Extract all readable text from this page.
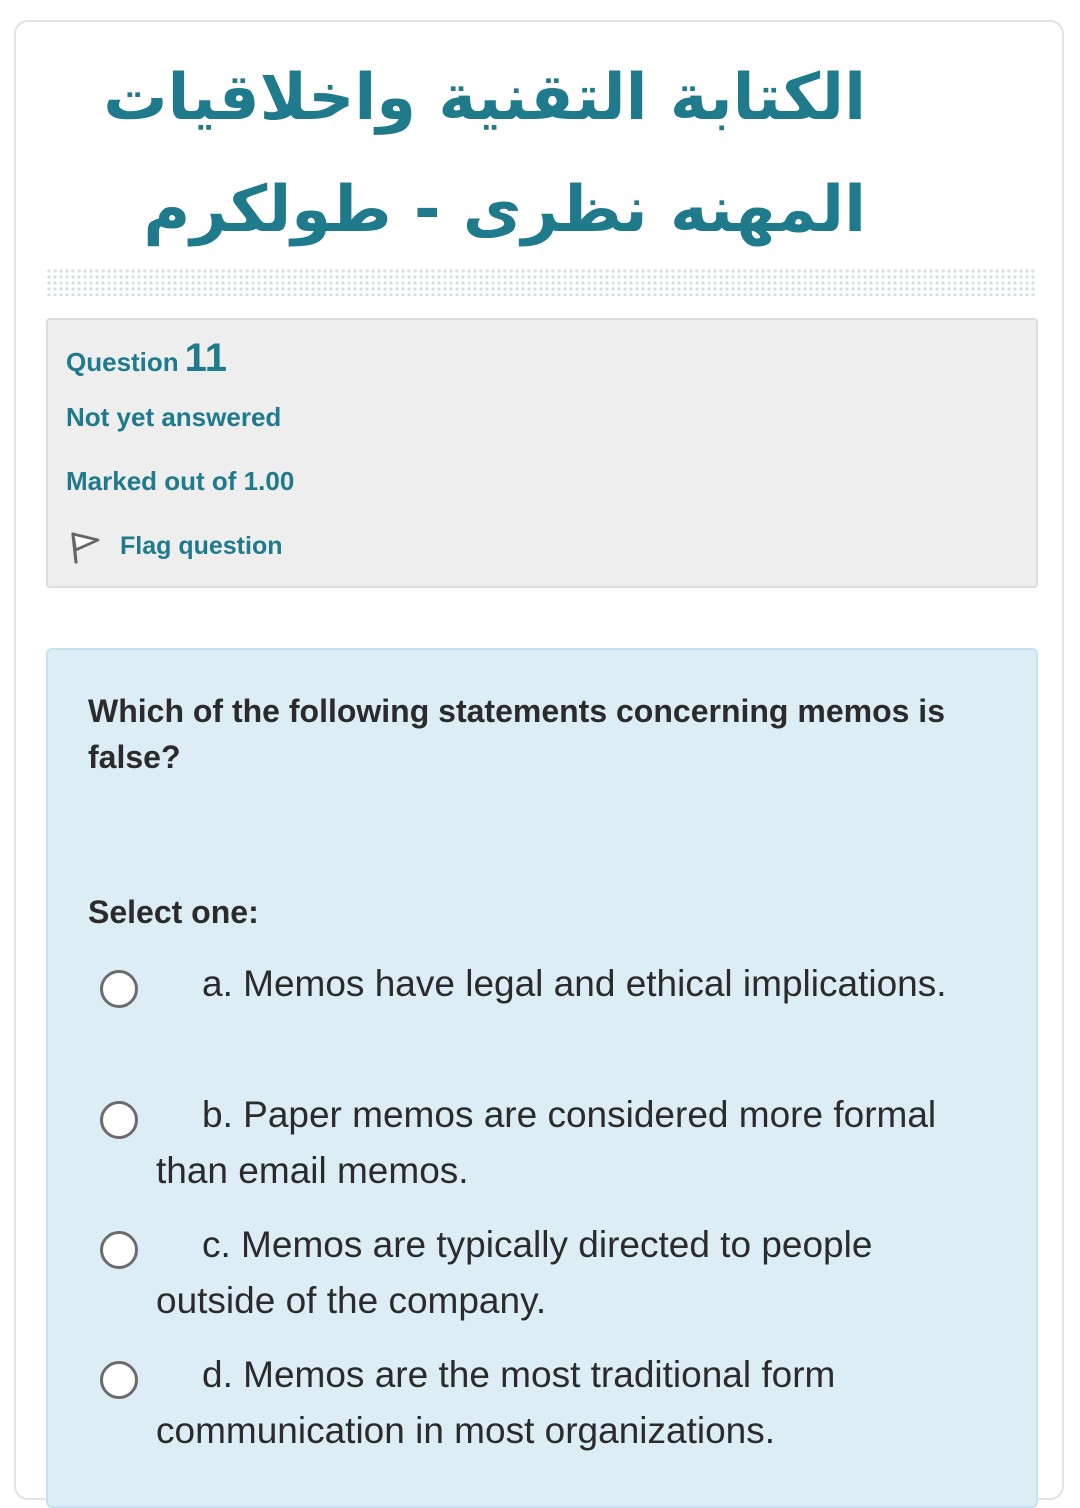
الكتابة التقنية واخلاقيات المهنه نظرى - طولكرم
Question 11
Not yet answered
Marked out of 1.00
Flag question

Which of the following statements concerning memos is false?

Select one:

a. Memos have legal and ethical implications.

b. Paper memos are considered more formal than email memos.

c. Memos are typically directed to people outside of the company.

d. Memos are the most traditional form communication in most organizations.
